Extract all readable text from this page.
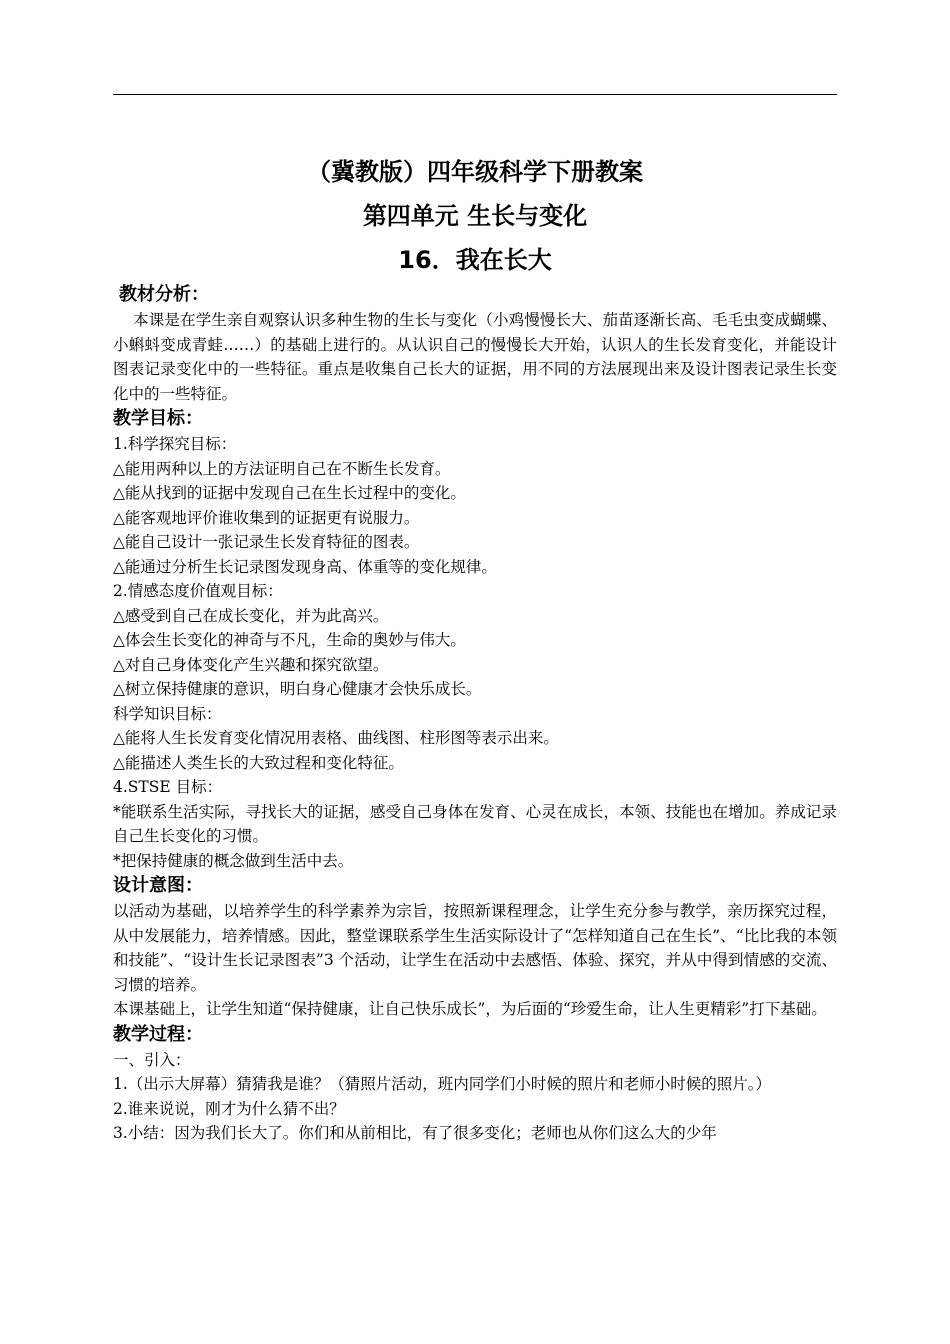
（冀教版）四年级科学下册教案
第四单元 生长与变化
16．我在长大
教材分析：

本课是在学生亲自观察认识多种生物的生长与变化（小鸡慢慢长大、茄苗逐渐长高、毛毛虫变成蝴蝶、小蝌蚪变成青蛙……）的基础上进行的。从认识自己的慢慢长大开始，认识人的生长发育变化，并能设计图表记录变化中的一些特征。重点是收集自己长大的证据，用不同的方法展现出来及设计图表记录生长变化中的一些特征。

教学目标：

1.科学探究目标：

△能用两种以上的方法证明自己在不断生长发育。

△能从找到的证据中发现自己在生长过程中的变化。

△能客观地评价谁收集到的证据更有说服力。

△能自己设计一张记录生长发育特征的图表。

△能通过分析生长记录图发现身高、体重等的变化规律。

2.情感态度价值观目标：

△感受到自己在成长变化，并为此高兴。

△体会生长变化的神奇与不凡，生命的奥妙与伟大。

△对自己身体变化产生兴趣和探究欲望。

△树立保持健康的意识，明白身心健康才会快乐成长。

科学知识目标：

△能将人生长发育变化情况用表格、曲线图、柱形图等表示出来。

△能描述人类生长的大致过程和变化特征。

4.STSE 目标：

*能联系生活实际，寻找长大的证据，感受自己身体在发育、心灵在成长，本领、技能也在增加。养成记录自己生长变化的习惯。

*把保持健康的概念做到生活中去。

设计意图：

以活动为基础，以培养学生的科学素养为宗旨，按照新课程理念，让学生充分参与教学，亲历探究过程，从中发展能力，培养情感。因此，整堂课联系学生生活实际设计了“怎样知道自己在生长”、“比比我的本领和技能”、“设计生长记录图表”3 个活动，让学生在活动中去感悟、体验、探究，并从中得到情感的交流、习惯的培养。

本课基础上，让学生知道“保持健康，让自己快乐成长”，为后面的“珍爱生命，让人生更精彩”打下基础。

教学过程：

一、引入：

1.（出示大屏幕）猜猜我是谁？（猜照片活动，班内同学们小时候的照片和老师小时候的照片。）

2.谁来说说，刚才为什么猜不出？

3.小结：因为我们长大了。你们和从前相比，有了很多变化；老师也从你们这么大的少年
